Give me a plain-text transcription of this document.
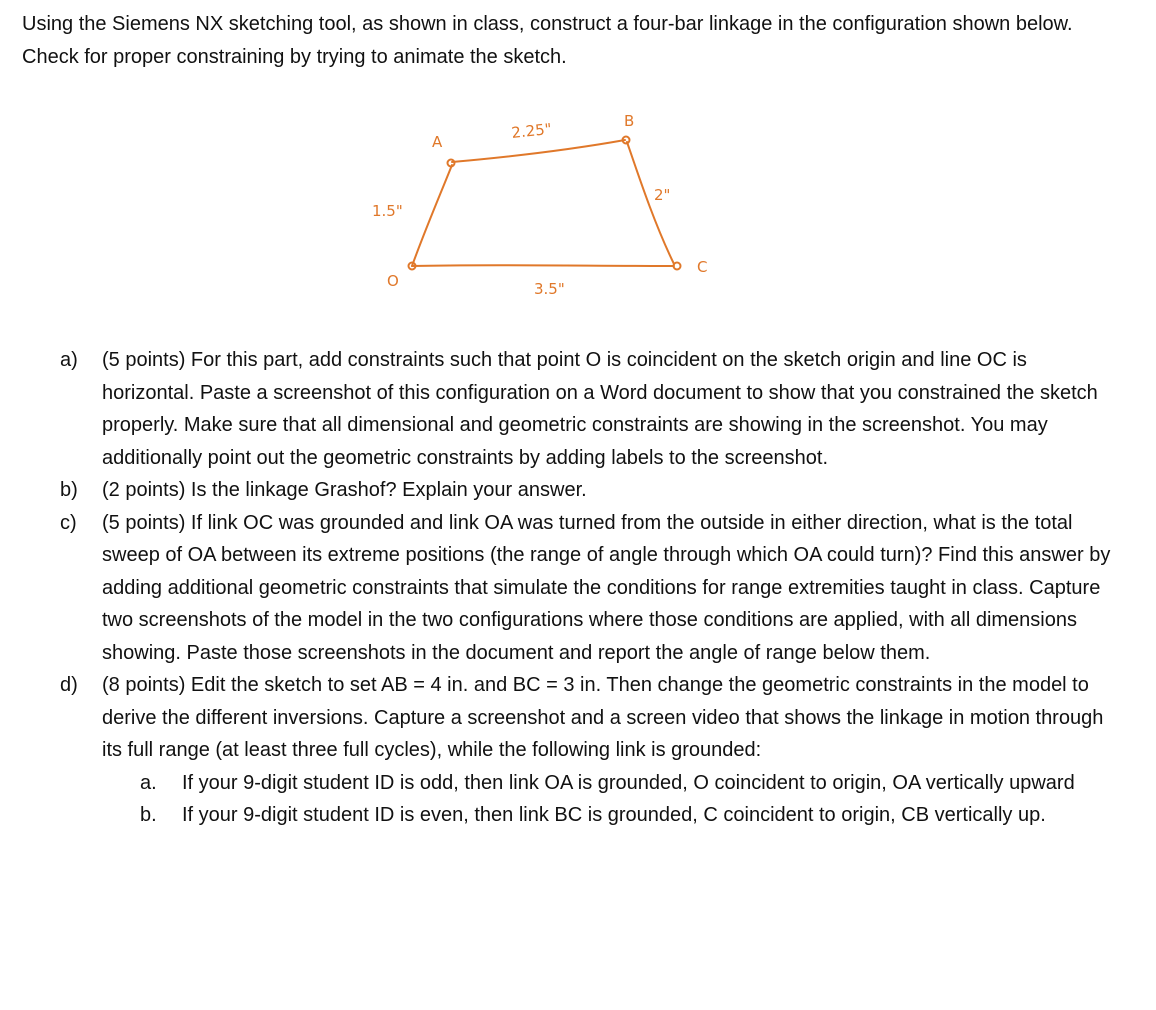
Using the Siemens NX sketching tool, as shown in class, construct a four-bar linkage in the configuration shown below. Check for proper constraining by trying to animate the sketch.
A
B
C
O
2.25"
1.5"
2"
3.5"
a)	(5 points) For this part, add constraints such that point O is coincident on the sketch origin and line OC is horizontal. Paste a screenshot of this configuration on a Word document to show that you constrained the sketch properly. Make sure that all dimensional and geometric constraints are showing in the screenshot. You may additionally point out the geometric constraints by adding labels to the screenshot.
b)	(2 points) Is the linkage Grashof? Explain your answer.
c)	(5 points) If link OC was grounded and link OA was turned from the outside in either direction, what is the total sweep of OA between its extreme positions (the range of angle through which OA could turn)? Find this answer by adding additional geometric constraints that simulate the conditions for range extremities taught in class. Capture two screenshots of the model in the two configurations where those conditions are applied, with all dimensions showing. Paste those screenshots in the document and report the angle of range below them.
d)	(8 points) Edit the sketch to set AB = 4 in. and BC = 3 in. Then change the geometric constraints in the model to derive the different inversions. Capture a screenshot and a screen video that shows the linkage in motion through its full range (at least three full cycles), while the following link is grounded:
a.	If your 9-digit student ID is odd, then link OA is grounded, O coincident to origin, OA vertically upward
b.	If your 9-digit student ID is even, then link BC is grounded, C coincident to origin, CB vertically up.
